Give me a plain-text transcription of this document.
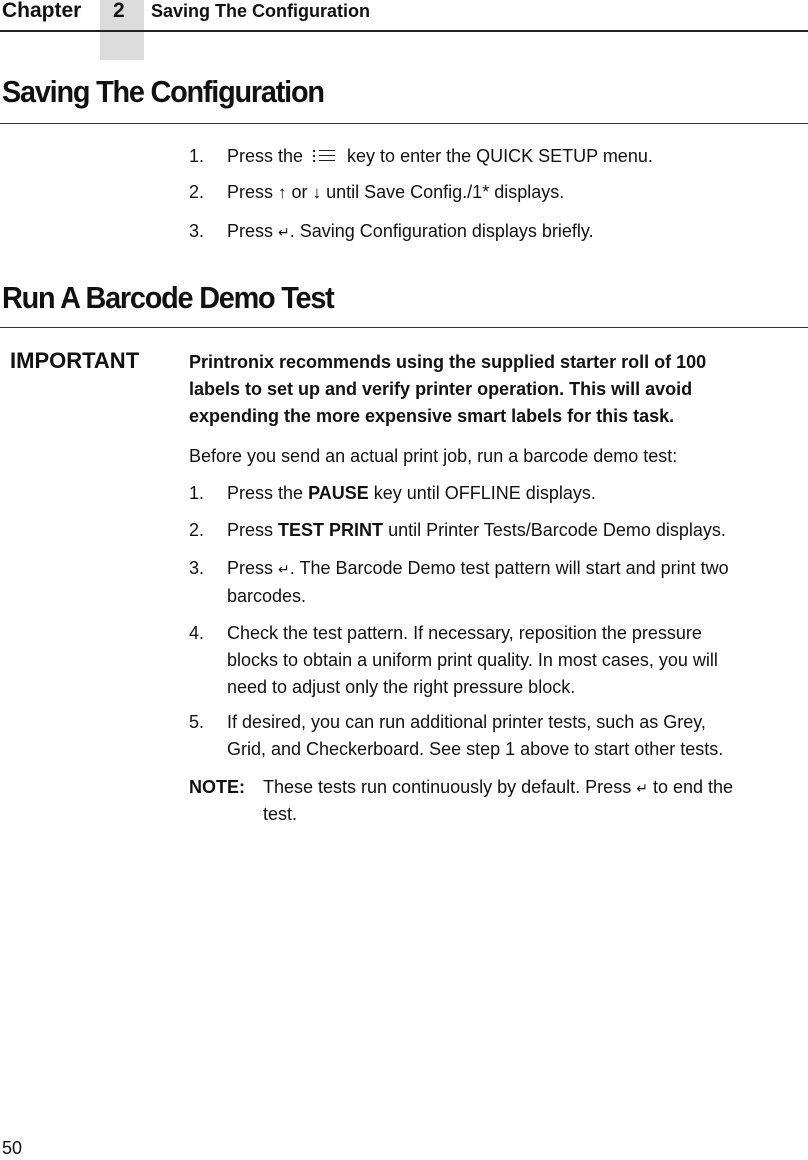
Chapter 2 Saving The Configuration
Saving The Configuration
1. Press the key to enter the QUICK SETUP menu.
2. Press ↑ or ↓ until Save Config./1* displays.
3. Press ↵. Saving Configuration displays briefly.
Run A Barcode Demo Test
IMPORTANT	Printronix recommends using the supplied starter roll of 100
labels to set up and verify printer operation. This will avoid
expending the more expensive smart labels for this task.
Before you send an actual print job, run a barcode demo test:
1. Press the PAUSE key until OFFLINE displays.
2. Press TEST PRINT until Printer Tests/Barcode Demo displays.
3. Press ↵. The Barcode Demo test pattern will start and print two
barcodes.
4. Check the test pattern. If necessary, reposition the pressure
blocks to obtain a uniform print quality. In most cases, you will
need to adjust only the right pressure block.
5. If desired, you can run additional printer tests, such as Grey,
Grid, and Checkerboard. See step 1 above to start other tests.
NOTE: These tests run continuously by default. Press ↵ to end the
test.
50
